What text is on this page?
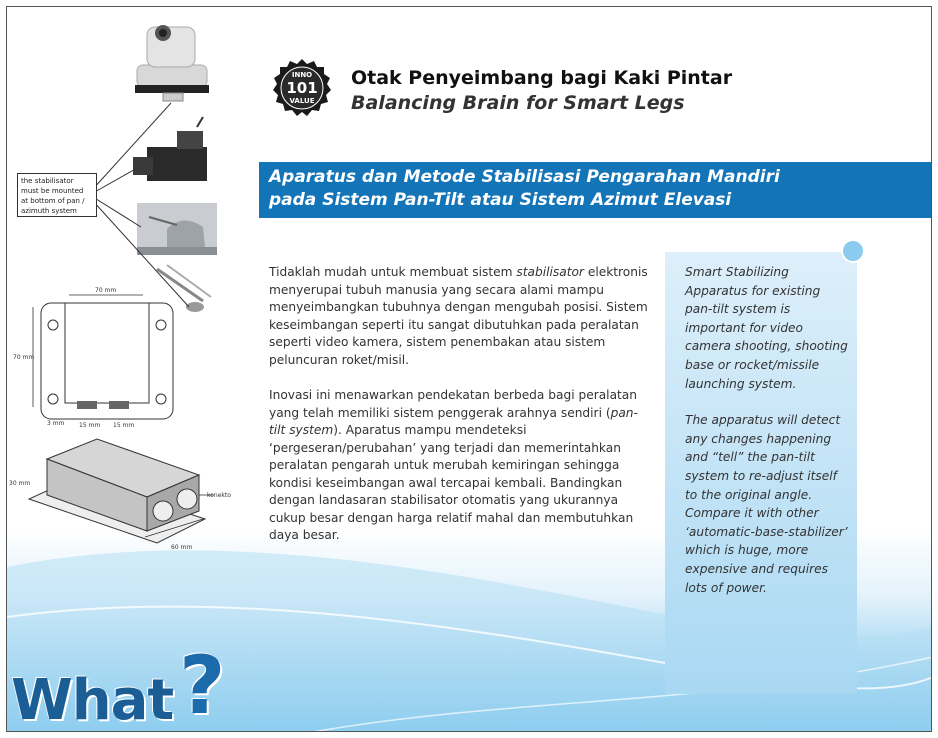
70 mm
70 mm
3 mm 15 mm 15 mm
konekto
30 mm
60 mm
the stabilisator
must be mounted
at bottom of pan /
azimuth system
INNO
101
VALUE
Otak Penyeimbang bagi Kaki Pintar
Balancing Brain for Smart Legs
Aparatus dan Metode Stabilisasi Pengarahan Mandiri
pada Sistem Pan-Tilt atau Sistem Azimut Elevasi

Tidaklah mudah untuk membuat sistem stabilisator elektronis menyerupai tubuh manusia yang secara alami mampu menyeimbangkan tubuhnya dengan mengubah posisi. Sistem keseimbangan seperti itu sangat dibutuhkan pada peralatan seperti video kamera, sistem penembakan atau sistem peluncuran roket/misil.

Inovasi ini menawarkan pendekatan berbeda bagi peralatan yang telah memiliki sistem penggerak arahnya sendiri (pan-tilt system). Aparatus mampu mendeteksi ‘pergeseran/perubahan’ yang terjadi dan memerintahkan peralatan pengarah untuk merubah kemiringan sehingga kondisi keseimbangan awal tercapai kembali. Bandingkan dengan landasaran stabilisator otomatis yang ukurannya cukup besar dengan harga relatif mahal dan membutuhkan daya besar.

Smart Stabilizing Apparatus for existing pan-tilt system is important for video camera shooting, shooting base or rocket/missile launching system.

The apparatus will detect any changes happening and “tell” the pan-tilt system to re-adjust itself to the original angle. Compare it with other ‘automatic-base-stabilizer’ which is huge, more expensive and requires lots of power.

What ?
